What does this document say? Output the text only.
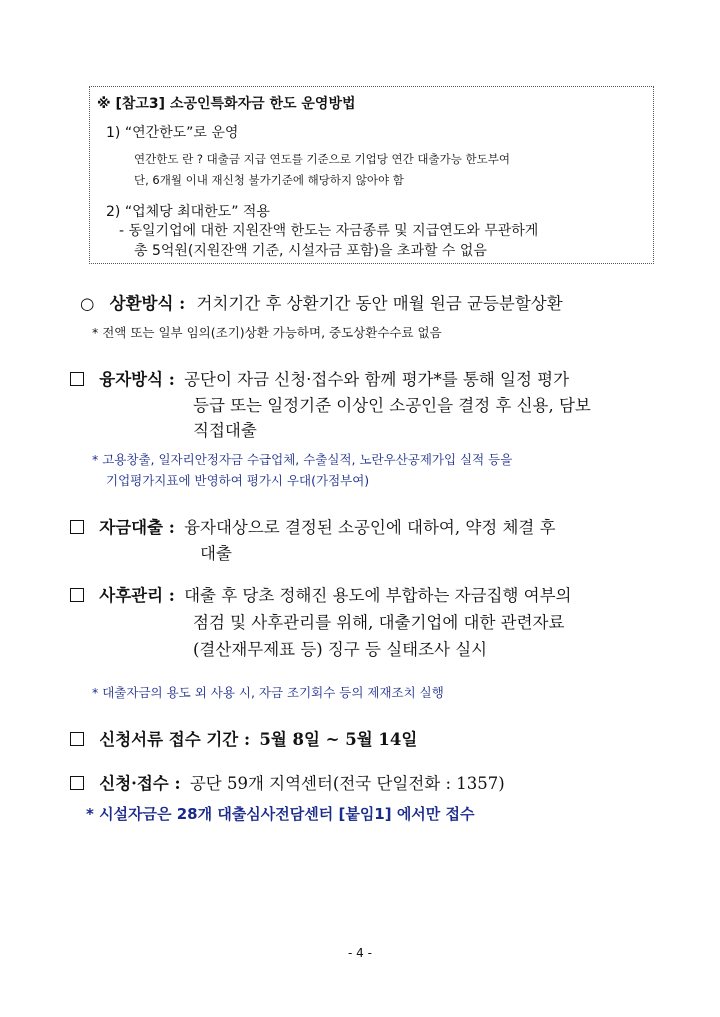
※ [참고3] 소공인특화자금 한도 운영방법
1) “연간한도”로 운영
연간한도 란 ? 대출금 지급 연도를 기준으로 기업당 연간 대출가능 한도부여
단, 6개월 이내 재신청 불가기준에 해당하지 않아야 함
2) “업체당 최대한도” 적용
- 동일기업에 대한 지원잔액 한도는 자금종류 및 지급연도와 무관하게
총 5억원(지원잔액 기준, 시설자금 포함)을 초과할 수 없음
○ 상환방식 : 거치기간 후 상환기간 동안 매월 원금 균등분할상환
* 전액 또는 일부 임의(조기)상환 가능하며, 중도상환수수료 없음
융자방식 : 공단이 자금 신청·접수와 함께 평가*를 통해 일정 평가
등급 또는 일정기준 이상인 소공인을 결정 후 신용, 담보
직접대출
* 고용창출, 일자리안정자금 수급업체, 수출실적, 노란우산공제가입 실적 등을
기업평가지표에 반영하여 평가시 우대(가점부여)
자금대출 : 융자대상으로 결정된 소공인에 대하여, 약정 체결 후
대출
사후관리 : 대출 후 당초 정해진 용도에 부합하는 자금집행 여부의
점검 및 사후관리를 위해, 대출기업에 대한 관련자료
(결산재무제표 등) 징구 등 실태조사 실시
* 대출자금의 용도 외 사용 시, 자금 조기회수 등의 제재조치 실행
신청서류 접수 기간 : 5월 8일 ~ 5월 14일
신청·접수 : 공단 59개 지역센터(전국 단일전화 : 1357)
* 시설자금은 28개 대출심사전담센터 [붙임1] 에서만 접수
- 4 -
